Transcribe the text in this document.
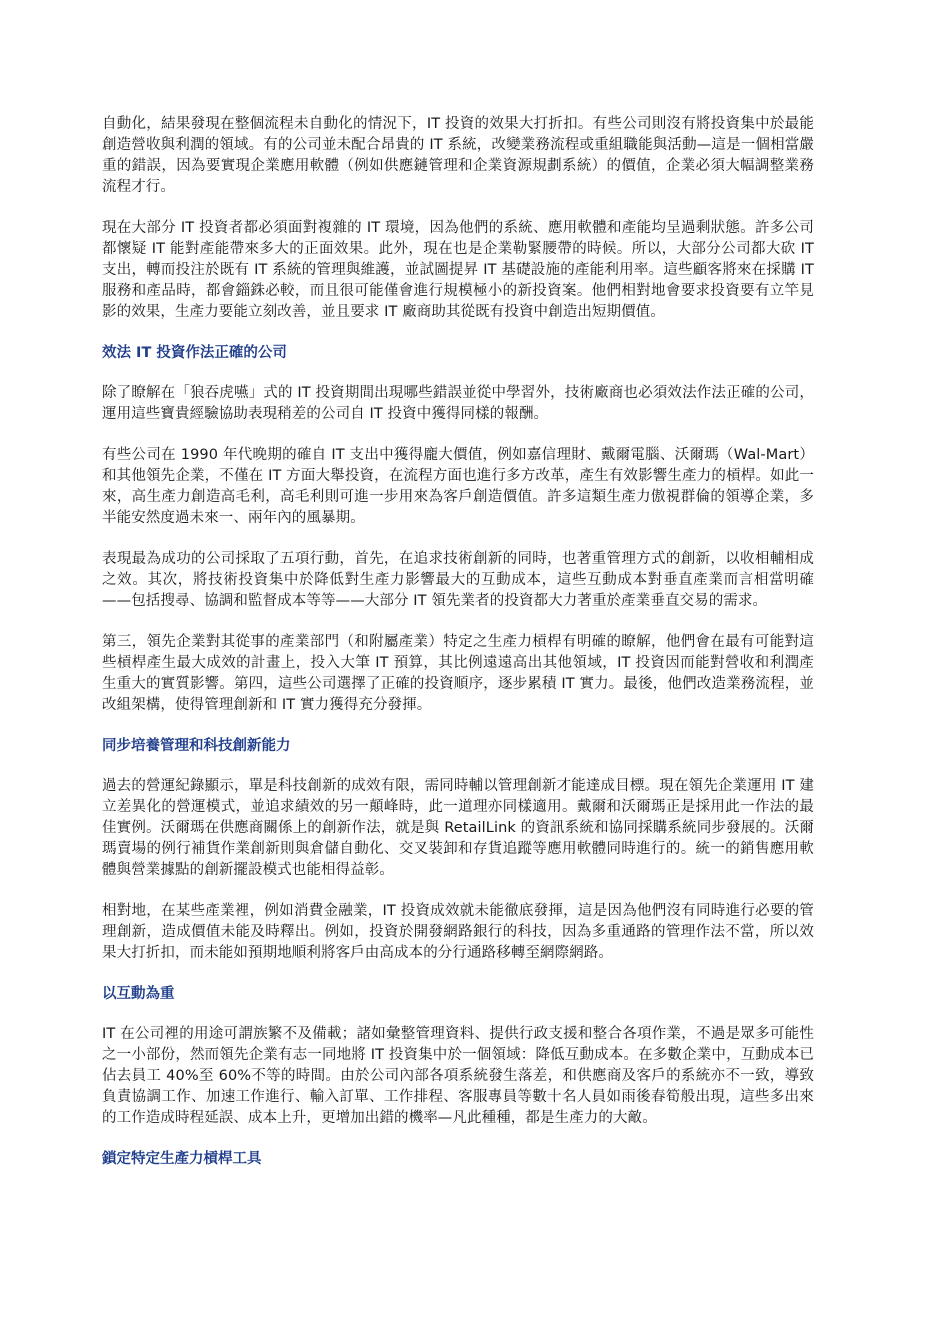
自動化，結果發現在整個流程未自動化的情況下，IT 投資的效果大打折扣。有些公司則沒有將投資集中於最能創造營收與利潤的領域。有的公司並未配合昂貴的 IT 系統，改變業務流程或重組職能與活動—這是一個相當嚴重的錯誤，因為要實現企業應用軟體（例如供應鏈管理和企業資源規劃系統）的價值，企業必須大幅調整業務流程才行。

現在大部分 IT 投資者都必須面對複雜的 IT 環境，因為他們的系統、應用軟體和產能均呈過剩狀態。許多公司都懷疑 IT 能對產能帶來多大的正面效果。此外，現在也是企業勒緊腰帶的時候。所以，大部分公司都大砍 IT 支出，轉而投注於既有 IT 系統的管理與維護，並試圖提昇 IT 基礎設施的產能利用率。這些顧客將來在採購 IT 服務和產品時，都會錙銖必較，而且很可能僅會進行規模極小的新投資案。他們相對地會要求投資要有立竿見影的效果，生產力要能立刻改善，並且要求 IT 廠商助其從既有投資中創造出短期價值。

效法 IT 投資作法正確的公司

除了瞭解在「狼吞虎嚥」式的 IT 投資期間出現哪些錯誤並從中學習外，技術廠商也必須效法作法正確的公司，運用這些寶貴經驗協助表現稍差的公司自 IT 投資中獲得同樣的報酬。

有些公司在 1990 年代晚期的確自 IT 支出中獲得龐大價值，例如嘉信理財、戴爾電腦、沃爾瑪（Wal-Mart）和其他領先企業，不僅在 IT 方面大舉投資，在流程方面也進行多方改革，產生有效影響生產力的槓桿。如此一來，高生產力創造高毛利，高毛利則可進一步用來為客戶創造價值。許多這類生產力傲視群倫的領導企業，多半能安然度過未來一、兩年內的風暴期。

表現最為成功的公司採取了五項行動，首先，在追求技術創新的同時，也著重管理方式的創新，以收相輔相成之效。其次，將技術投資集中於降低對生產力影響最大的互動成本，這些互動成本對垂直產業而言相當明確——包括搜尋、協調和監督成本等等——大部分 IT 領先業者的投資都大力著重於產業垂直交易的需求。

第三，領先企業對其從事的產業部門（和附屬產業）特定之生產力槓桿有明確的瞭解，他們會在最有可能對這些槓桿產生最大成效的計畫上，投入大筆 IT 預算，其比例遠遠高出其他領域，IT 投資因而能對營收和利潤產生重大的實質影響。第四，這些公司選擇了正確的投資順序，逐步累積 IT 實力。最後，他們改造業務流程，並改組架構，使得管理創新和 IT 實力獲得充分發揮。

同步培養管理和科技創新能力

過去的營運紀錄顯示，單是科技創新的成效有限，需同時輔以管理創新才能達成目標。現在領先企業運用 IT 建立差異化的營運模式，並追求績效的另一顛峰時，此一道理亦同樣適用。戴爾和沃爾瑪正是採用此一作法的最佳實例。沃爾瑪在供應商關係上的創新作法，就是與 RetailLink 的資訊系統和協同採購系統同步發展的。沃爾瑪賣場的例行補貨作業創新則與倉儲自動化、交叉裝卸和存貨追蹤等應用軟體同時進行的。統一的銷售應用軟體與營業據點的創新擺設模式也能相得益彰。

相對地，在某些產業裡，例如消費金融業，IT 投資成效就未能徹底發揮，這是因為他們沒有同時進行必要的管理創新，造成價值未能及時釋出。例如，投資於開發網路銀行的科技，因為多重通路的管理作法不當，所以效果大打折扣，而未能如預期地順利將客戶由高成本的分行通路移轉至網際網路。

以互動為重

IT 在公司裡的用途可謂族繁不及備載；諸如彙整管理資料、提供行政支援和整合各項作業，不過是眾多可能性之一小部份，然而領先企業有志一同地將 IT 投資集中於一個領域：降低互動成本。在多數企業中，互動成本已佔去員工 40%至 60%不等的時間。由於公司內部各項系統發生落差，和供應商及客戶的系統亦不一致，導致負責協調工作、加速工作進行、輸入訂單、工作排程、客服專員等數十名人員如雨後春筍般出現，這些多出來的工作造成時程延誤、成本上升，更增加出錯的機率—凡此種種，都是生產力的大敵。

鎖定特定生產力槓桿工具
